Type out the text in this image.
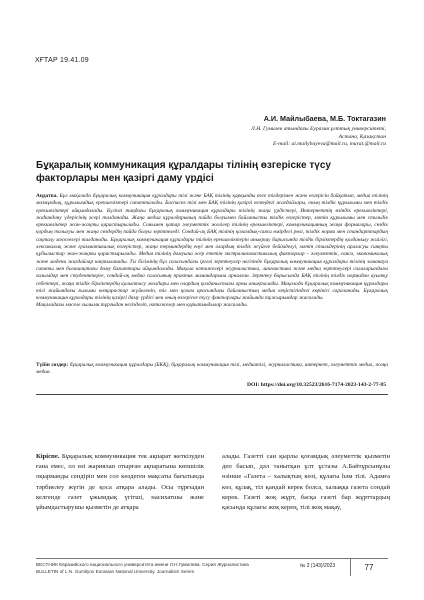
ХҒТАР 19.41.09
А.И. Майлыбаева, М.Б. Токтагазин
Л.Н. Гумилев атындағы Еуразия ұлттық университеті,
Астана, Қазақстан
E-mail: ai.mailybayeva@mail.ru, murat.@mail.ru
Бұқаралық коммуникация құралдары тілінің өзгеріске түсу факторлары мен қазіргі даму үрдісі

Аңдатпа. Бұл мақалада бұқаралық коммуникация құралдары тілі және БАҚ тілінің қарқынды өзге тілдерімен және өзгерісін байқатып, медиа тілінің мазмұндық, құрылымдық ерекшеліктері сипатталады. Баспасөз тілі мен БАҚ тілінің қазіргі кезеңдегі жағдайлары, оның тілдік құрылымы мен тілдік ерекшеліктері айқындалады. Бүгінгі таңдағы бұқаралық коммуникация құралдары тілінің жаңа үрдістері, Интернеттің өзіндік ерекшеліктері, жаһандану үдерісінің әсері талданады. Жаңа медиа құралдарының пайда болуымен байланысты тілдік өзгерістер, мәтін құрылымы мен стильдік ерекшеліктер жан-жақты қарастырылады. Сонымен қатар әлеуметтік желілер тілінің ерекшеліктері, коммуникацияның жаңа формалары, сөздік қордың толығуы мен жаңа сөздердің пайда болуы зерттеледі. Сондай-ақ БАҚ тілінің қоғамдық-саяси өмірдегі рөлі, тілдік норма мен стандарттардың сақталу мәселелері талданады. Бұқаралық коммуникация құралдары тілінің ерекшеліктерін анықтау барысында тілдік бірліктердің қолданылу жиілігі, лексикалық және грамматикалық өзгерістер, жаңа терминдердің енуі мен олардың тілдік жүйеге бейімделуі, мәтін стильдерінің араласуы сияқты құбылыстар жан-жақты қарастырылады. Медиа тілінің дамуына әсер ететін экстралингвистикалық факторлар – әлеуметтік, саяси, экономикалық және мәдени жағдайлар нақтыланады. Тіл білімінің бұл саласындағы іргелі зерттеулер негізінде бұқаралық коммуникация құралдары тілінің заманауи сипаты мен болашақтағы даму бағыттары айқындалады. Мақала нәтижелері журналистика, лингвистика және медиа зерттеулері салаларындағы ғалымдар мен студенттерге, сондай-ақ медиа саласының практик мамандарына арналған. Зерттеу барысында БАҚ тілінің тілдік нормадан ауытқу себептері, жаңа тілдік бірліктердің қалыптасу жолдары мен олардың қолданыстағы орны анықталады. Мақалада бұқаралық коммуникация құралдары тілі жайындағы ғылыми көзқарастар жүйеленіп, тіл мен қоғам арасындағы байланыстың медиа кеңістігіндегі көрінісі сараланады. Бұқаралық коммуникация құралдары тілінің қазіргі даму үрдісі мен оның өзгеріске түсу факторлары жайында тұжырымдар жасалады.

Мақаладағы мәселе ғылыми тұрғыдан негізделіп, нәтижелер мен қорытындылар жасалады.

Түйін сөздер: бұқаралық коммуникация құралдары (БКҚ), бұқаралық коммуникация тілі, медиатілі, журналистика, интернет, әлеуметтік медиа, жаңа медиа.
DOI: https://doi.org/10.32523/2616-7174-2023-143-2-77-85
Кіріспе. Бұқаралық коммуникация тек ақпарат жеткізуден ғана емес, ол өзі жариялап отырған ақпаратына көпшілік оқырманды сендіріп мен сол көздеген мақсаты бағытында тәрбиелеу жүгін де қоса атқара алады. Осы тұрғыдан келгенде газет ұжымдық үгітші, насихатшы және ұйымдастырушы қызметін де атқара
алады. Газетті сан қырлы қоғамдық әлеуметтік қызметін деп басып, дәл танытқан ұлт ұстазы А.Байтұрсынұлы өзінше «Газета – халықтың көзі, құлағы һәм тілі. Адамға көз, құлақ, тіл қандай керек болса, халыққа газета сондай керек. Газеті жоқ жұрт, басқа газеті бар жұрттардың қасында құлағы жоқ керең, тілі жоқ мақау,
ВЕСТНИК Евразийского национального университета имени Л.Н.Гумилева. Серия Журналистика
BULLETIN of L.N. Gumilyov Eurasian National University. Journalism Series
№ 2 (143)/2023	77
